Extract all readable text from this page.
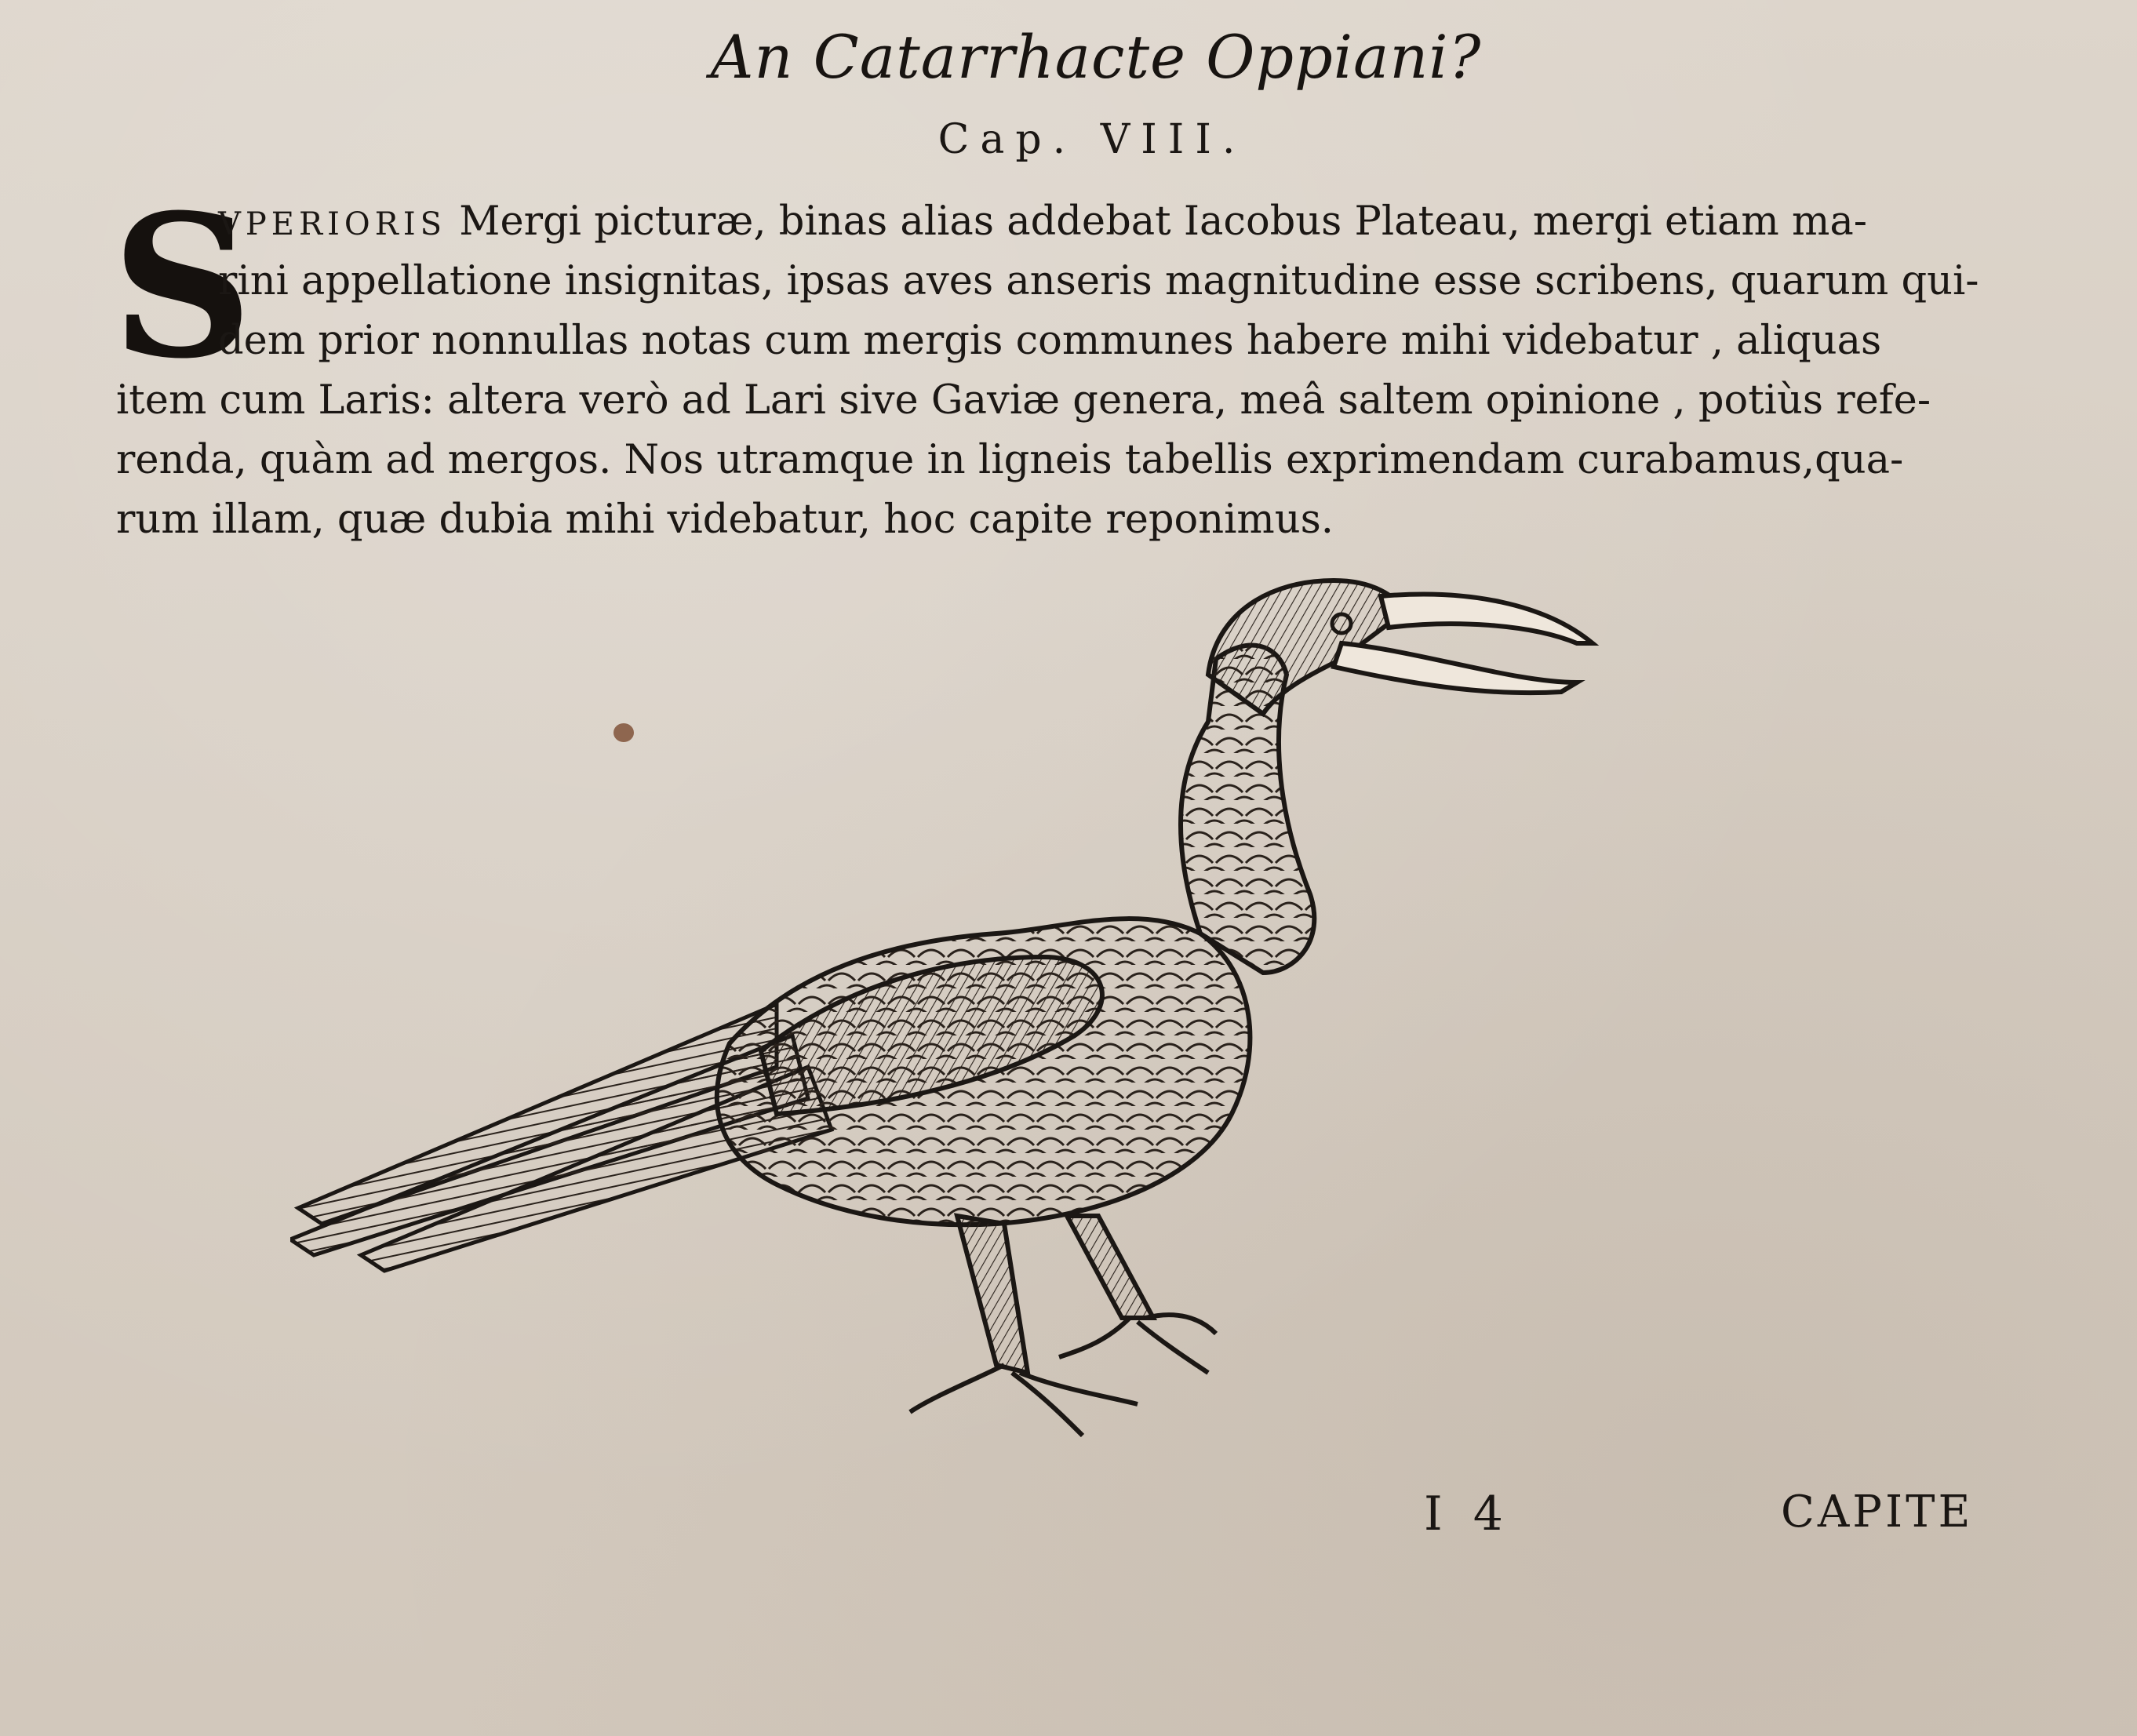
An Catarrhacte Oppiani?
Cap. VIII.
S
VPERIORIS Mergi picturæ, binas alias addebat Iacobus Plateau, mergi etiam ma-
rini appellatione insignitas, ipsas aves anseris magnitudine esse scribens, quarum qui-
dem prior nonnullas notas cum mergis communes habere mihi videbatur , aliquas
item cum Laris: altera verò ad Lari sive Gaviæ genera, meâ saltem opinione , potiùs refe-
renda, quàm ad mergos. Nos utramque in ligneis tabellis exprimendam curabamus,qua-
rum illam, quæ dubia mihi videbatur, hoc capite reponimus.
I 4	CAPITE
